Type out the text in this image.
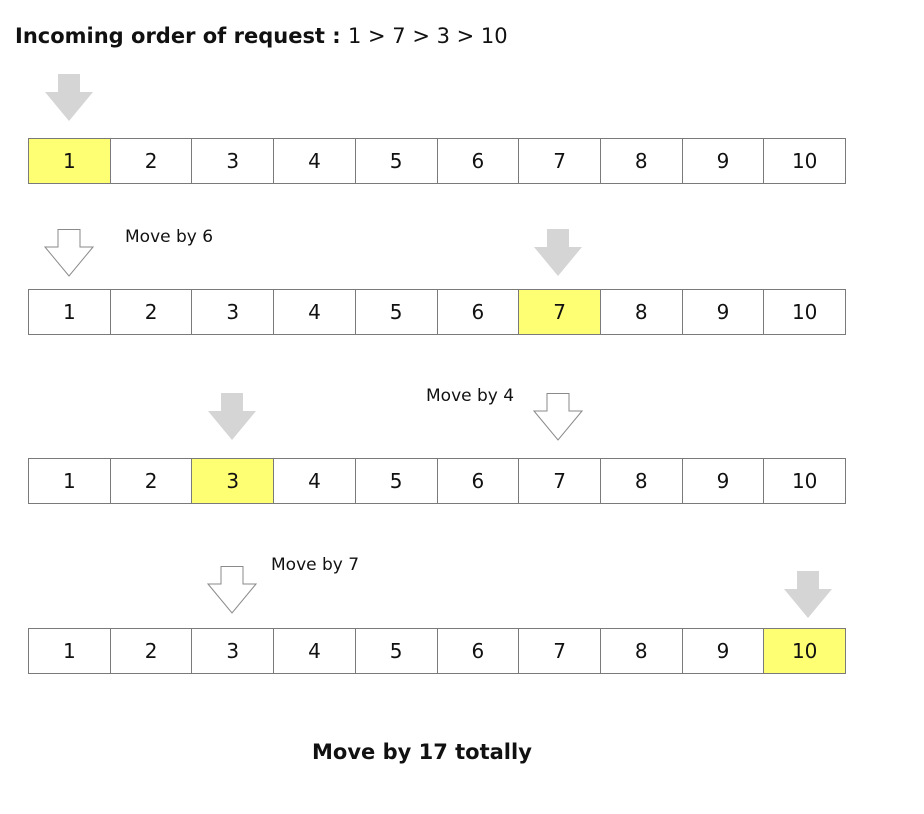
Incoming order of request : 1 > 7 > 3 > 10
1	2	3	4	5	6	7	8	9	10
Move by 6
1	2	3	4	5	6	7	8	9	10
Move by 4
1	2	3	4	5	6	7	8	9	10
Move by 7
1	2	3	4	5	6	7	8	9	10
Move by 17 totally
